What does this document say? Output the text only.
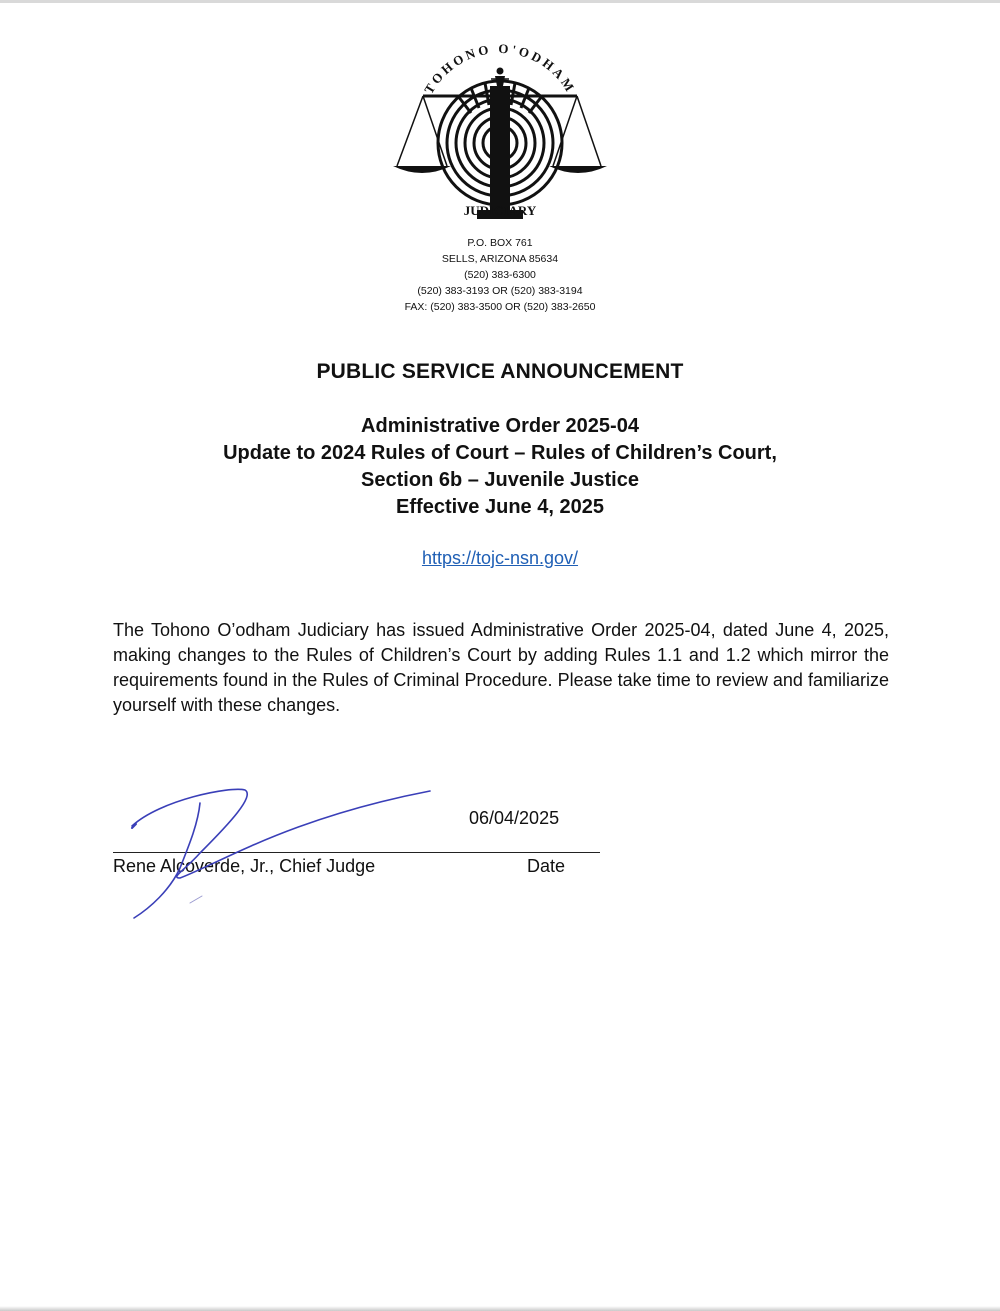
TOHONO O'ODHAM
JUDICIARY
P.O. BOX 761
SELLS, ARIZONA 85634
(520) 383-6300
(520) 383-3193 OR (520) 383-3194
FAX: (520) 383-3500 OR (520) 383-2650
PUBLIC SERVICE ANNOUNCEMENT
Administrative Order 2025-04
Update to 2024 Rules of Court – Rules of Children’s Court,
Section 6b – Juvenile Justice
Effective June 4, 2025
https://tojc-nsn.gov/
The Tohono O’odham Judiciary has issued Administrative Order 2025-04, dated June 4, 2025, making changes to the Rules of Children’s Court by adding Rules 1.1 and 1.2 which mirror the requirements found in the Rules of Criminal Procedure. Please take time to review and familiarize yourself with these changes.
06/04/2025
Rene Alcoverde, Jr., Chief Judge	Date
